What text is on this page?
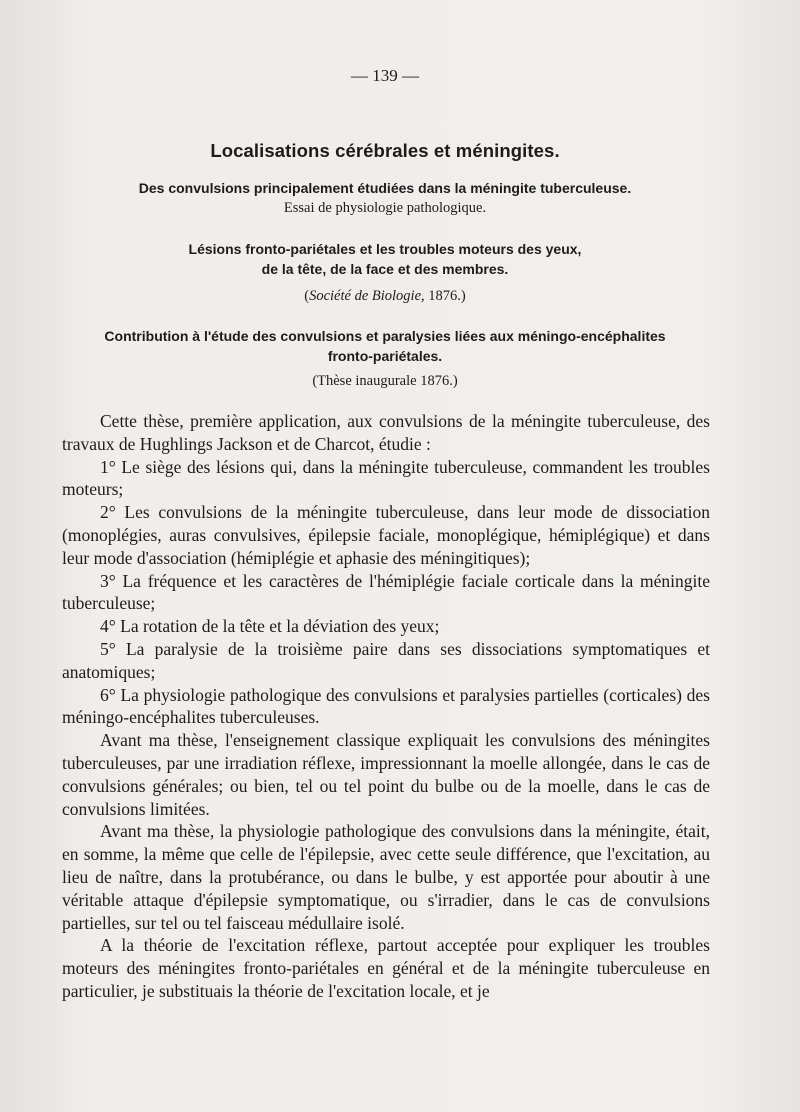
— 139 —
Localisations cérébrales et méningites.
Des convulsions principalement étudiées dans la méningite tuberculeuse.
Essai de physiologie pathologique.
Lésions fronto-pariétales et les troubles moteurs des yeux,
de la tête, de la face et des membres.
(Société de Biologie, 1876.)
Contribution à l'étude des convulsions et paralysies liées aux méningo-encéphalites
fronto-pariétales.
(Thèse inaugurale 1876.)

Cette thèse, première application, aux convulsions de la méningite tuberculeuse, des travaux de Hughlings Jackson et de Charcot, étudie :

1° Le siège des lésions qui, dans la méningite tuberculeuse, commandent les troubles moteurs;

2° Les convulsions de la méningite tuberculeuse, dans leur mode de dissociation (monoplégies, auras convulsives, épilepsie faciale, monoplégique, hémiplégique) et dans leur mode d'association (hémiplégie et aphasie des méningitiques);

3° La fréquence et les caractères de l'hémiplégie faciale corticale dans la méningite tuberculeuse;

4° La rotation de la tête et la déviation des yeux;

5° La paralysie de la troisième paire dans ses dissociations symptomatiques et anatomiques;

6° La physiologie pathologique des convulsions et paralysies partielles (corticales) des méningo-encéphalites tuberculeuses.

Avant ma thèse, l'enseignement classique expliquait les convulsions des méningites tuberculeuses, par une irradiation réflexe, impressionnant la moelle allongée, dans le cas de convulsions générales; ou bien, tel ou tel point du bulbe ou de la moelle, dans le cas de convulsions limitées.

Avant ma thèse, la physiologie pathologique des convulsions dans la méningite, était, en somme, la même que celle de l'épilepsie, avec cette seule différence, que l'excitation, au lieu de naître, dans la protubérance, ou dans le bulbe, y est apportée pour aboutir à une véritable attaque d'épilepsie symptomatique, ou s'irradier, dans le cas de convulsions partielles, sur tel ou tel faisceau médullaire isolé.

A la théorie de l'excitation réflexe, partout acceptée pour expliquer les troubles moteurs des méningites fronto-pariétales en général et de la méningite tuberculeuse en particulier, je substituais la théorie de l'excitation locale, et je
